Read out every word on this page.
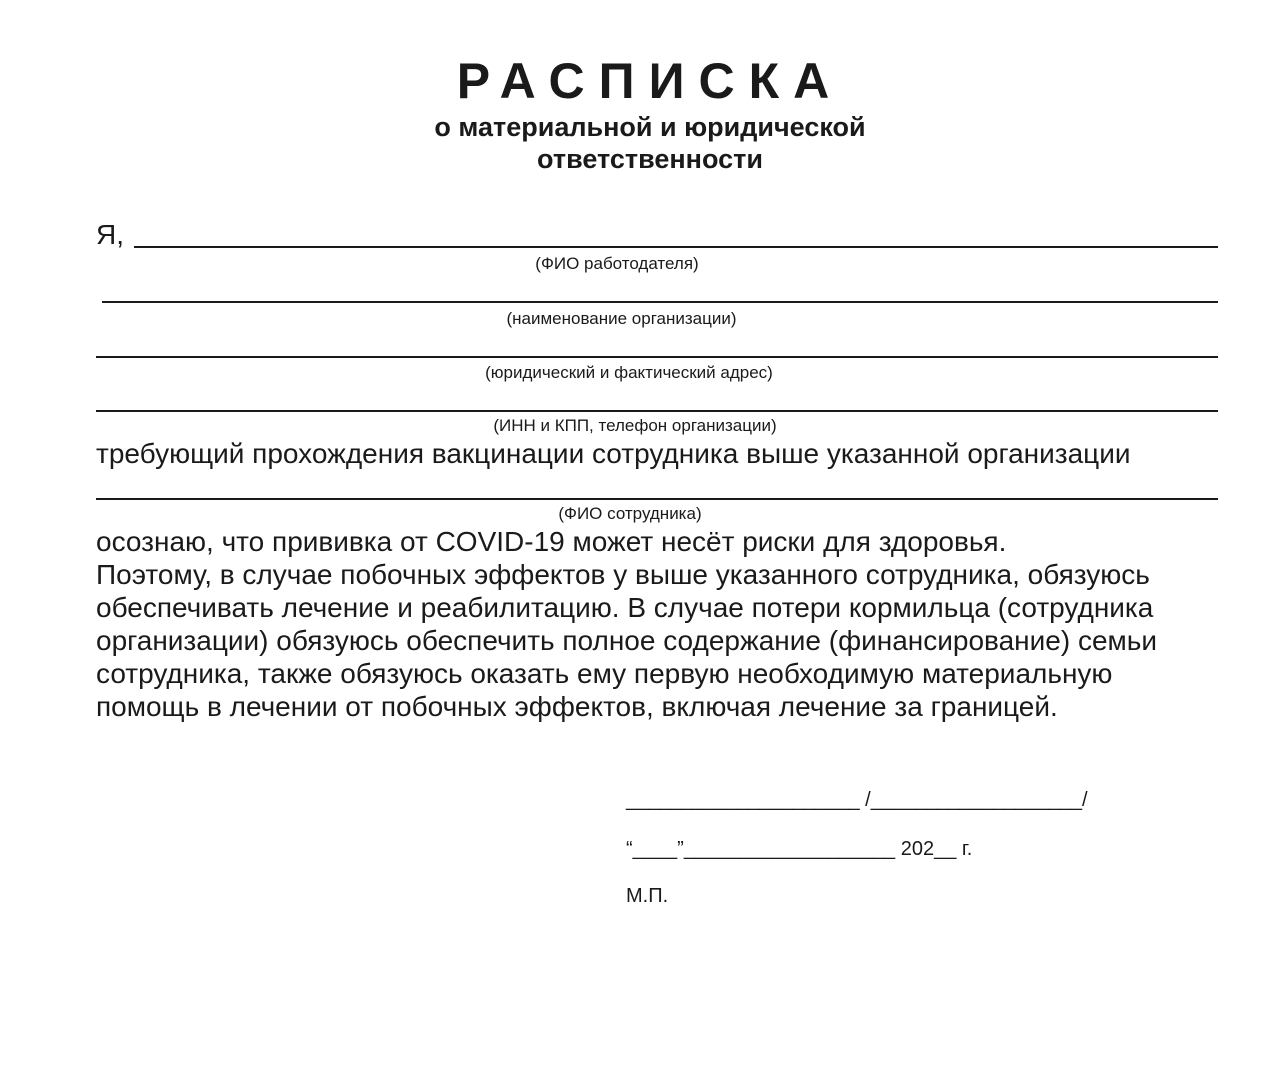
РАСПИСКА
о материальной и юридической
ответственности
Я,
(ФИО работодателя)
(наименование организации)
(юридический и фактический адрес)
(ИНН и КПП, телефон организации)
требующий прохождения вакцинации сотрудника выше указанной организации
(ФИО сотрудника)
осознаю, что прививка от COVID-19 может несёт риски для здоровья.
Поэтому, в случае побочных эффектов у выше указанного сотрудника, обязуюсь
обеспечивать лечение и реабилитацию. В случае потери кормильца (сотрудника
организации) обязуюсь обеспечить полное содержание (финансирование) семьи
сотрудника, также обязуюсь оказать ему первую необходимую материальную
помощь в лечении от побочных эффектов, включая лечение за границей.
_____________________ /___________________/
“____”___________________ 202__ г.
М.П.
